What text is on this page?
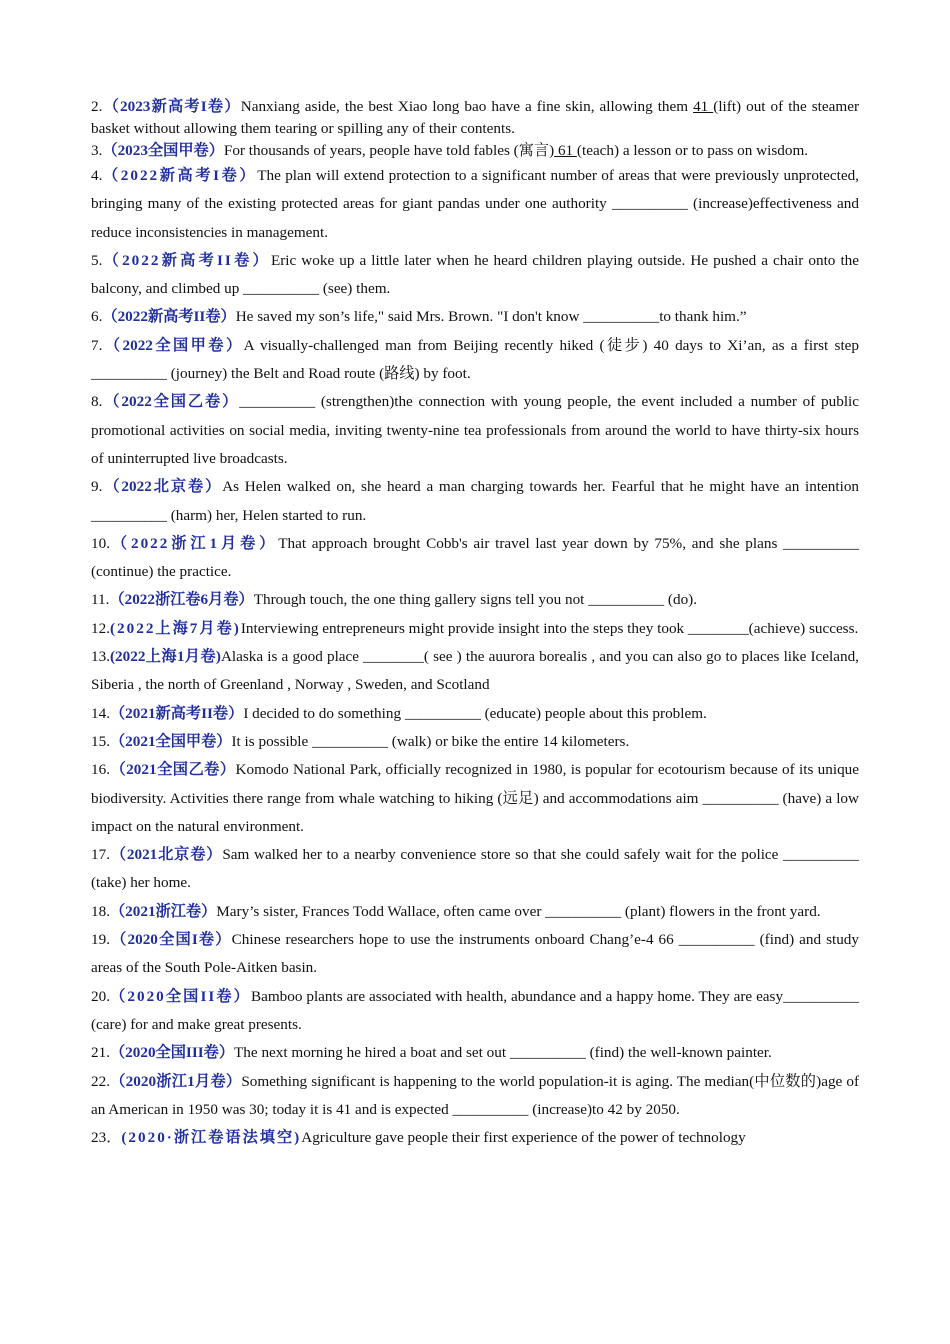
2.（2023新高考I卷）Nanxiang aside, the best Xiao long bao have a fine skin, allowing them 41 (lift) out of the steamer basket without allowing them tearing or spilling any of their contents.

3.（2023全国甲卷）For thousands of years, people have told fables (寓言) 61 (teach) a lesson or to pass on wisdom.

4.（2022新高考I卷）The plan will extend protection to a significant number of areas that were previously unprotected, bringing many of the existing protected areas for giant pandas under one authority __________ (increase)effectiveness and reduce inconsistencies in management.

5.（2022新高考II卷）Eric woke up a little later when he heard children playing outside. He pushed a chair onto the balcony, and climbed up __________ (see) them.

6.（2022新高考II卷）He saved my son’s life," said Mrs. Brown. "I don't know __________to thank him.”

7.（2022全国甲卷）A visually-challenged man from Beijing recently hiked (徒步) 40 days to Xi’an, as a first step __________ (journey) the Belt and Road route (路线) by foot.

8.（2022全国乙卷）__________ (strengthen)the connection with young people, the event included a number of public promotional activities on social media, inviting twenty-nine tea professionals from around the world to have thirty-six hours of uninterrupted live broadcasts.

9.（2022北京卷）As Helen walked on, she heard a man charging towards her. Fearful that he might have an intention __________ (harm) her, Helen started to run.

10.（2022浙江1月卷）That approach brought Cobb's air travel last year down by 75%, and she plans __________ (continue) the practice.

11.（2022浙江卷6月卷）Through touch, the one thing gallery signs tell you not __________ (do).

12.(2022上海7月卷)Interviewing entrepreneurs might provide insight into the steps they took ________(achieve) success.

13.(2022上海1月卷)Alaska is a good place ________( see ) the auurora borealis , and you can also go to places like Iceland, Siberia , the north of Greenland , Norway , Sweden, and Scotland

14.（2021新高考II卷）I decided to do something __________ (educate) people about this problem.

15.（2021全国甲卷）It is possible __________ (walk) or bike the entire 14 kilometers.

16.（2021全国乙卷）Komodo National Park, officially recognized in 1980, is popular for ecotourism because of its unique biodiversity. Activities there range from whale watching to hiking (远足) and accommodations aim __________ (have) a low impact on the natural environment.

17.（2021北京卷）Sam walked her to a nearby convenience store so that she could safely wait for the police __________ (take) her home.

18.（2021浙江卷）Mary’s sister, Frances Todd Wallace, often came over __________ (plant) flowers in the front yard.

19.（2020全国I卷）Chinese researchers hope to use the instruments onboard Chang’e-4 66 __________ (find) and study areas of the South Pole-Aitken basin.

20.（2020全国II卷）Bamboo plants are associated with health, abundance and a happy home. They are easy__________ (care) for and make great presents.

21.（2020全国III卷）The next morning he hired a boat and set out __________ (find) the well-known painter.

22.（2020浙江1月卷）Something significant is happening to the world population-it is aging. The median(中位数的)age of an American in 1950 was 30; today it is 41 and is expected __________ (increase)to 42 by 2050.

23．(2020·浙江卷语法填空)Agriculture gave people their first experience of the power of technology
